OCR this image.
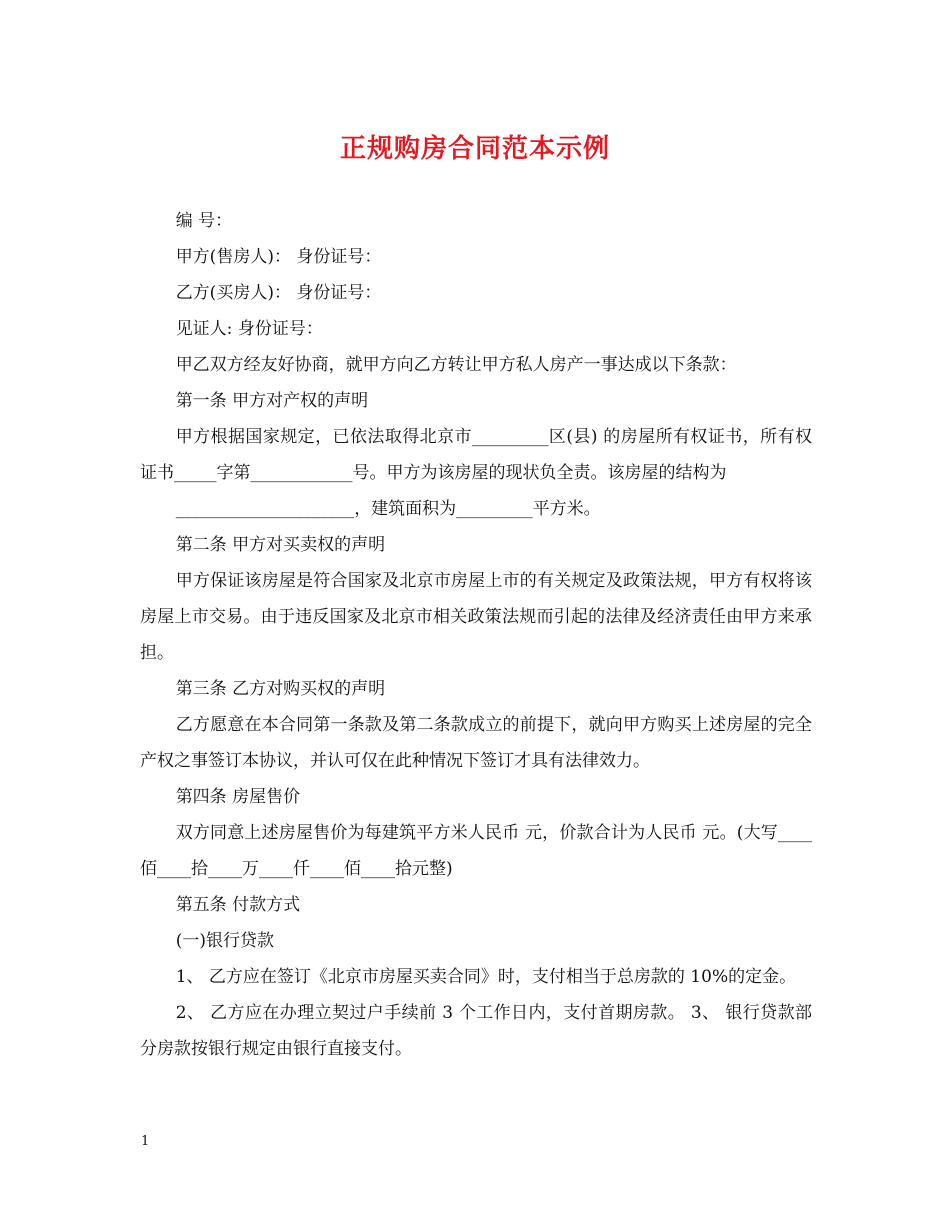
正规购房合同范本示例

编 号：

甲方(售房人)： 身份证号：

乙方(买房人)： 身份证号：

见证人: 身份证号：

甲乙双方经友好协商，就甲方向乙方转让甲方私人房产一事达成以下条款：

第一条 甲方对产权的声明

甲方根据国家规定，已依法取得北京市_________区(县) 的房屋所有权证书，所有权证书_____字第____________号。甲方为该房屋的现状负全责。该房屋的结构为

_____________________，建筑面积为_________平方米。

第二条 甲方对买卖权的声明

甲方保证该房屋是符合国家及北京市房屋上市的有关规定及政策法规，甲方有权将该房屋上市交易。由于违反国家及北京市相关政策法规而引起的法律及经济责任由甲方来承担。

第三条 乙方对购买权的声明

乙方愿意在本合同第一条款及第二条款成立的前提下，就向甲方购买上述房屋的完全产权之事签订本协议，并认可仅在此种情况下签订才具有法律效力。

第四条 房屋售价

双方同意上述房屋售价为每建筑平方米人民币 元，价款合计为人民币 元。(大写____佰____拾____万____仟____佰____拾元整)

第五条 付款方式

(一)银行贷款

1、 乙方应在签订《北京市房屋买卖合同》时，支付相当于总房款的 10%的定金。

2、 乙方应在办理立契过户手续前 3 个工作日内，支付首期房款。 3、 银行贷款部分房款按银行规定由银行直接支付。

1
